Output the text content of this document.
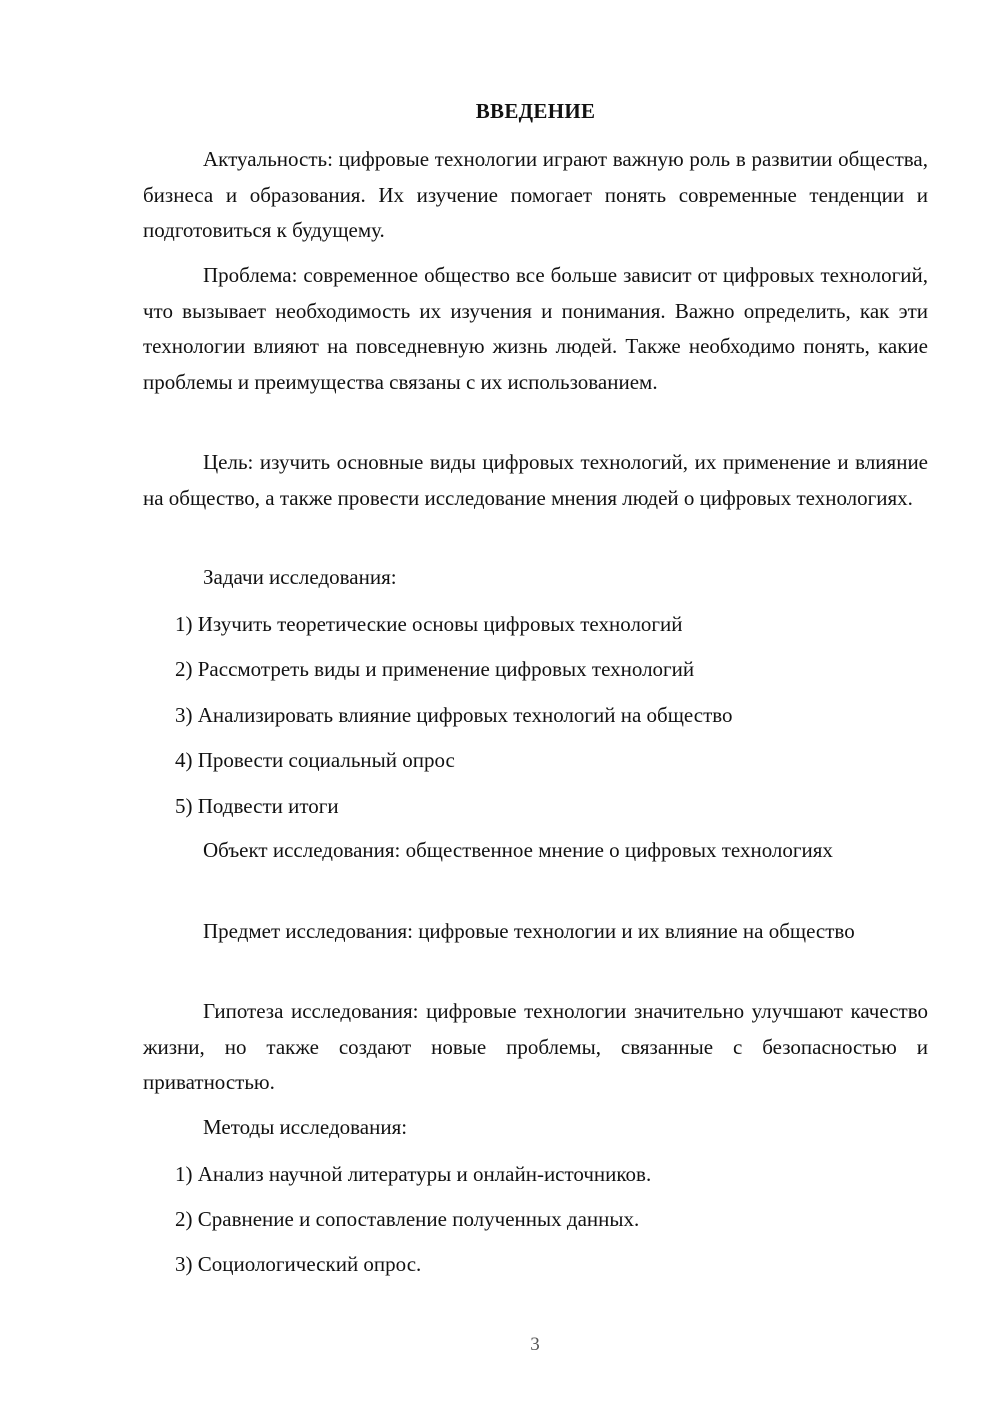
ВВЕДЕНИЕ

Актуальность: цифровые технологии играют важную роль в развитии общества, бизнеса и образования. Их изучение помогает понять современные тенденции и подготовиться к будущему.

Проблема: современное общество все больше зависит от цифровых технологий, что вызывает необходимость их изучения и понимания. Важно определить, как эти технологии влияют на повседневную жизнь людей. Также необходимо понять, какие проблемы и преимущества связаны с их использованием.

Цель: изучить основные виды цифровых технологий, их применение и влияние на общество, а также провести исследование мнения людей о цифровых технологиях.

Задачи исследования:

1) Изучить теоретические основы цифровых технологий

2) Рассмотреть виды и применение цифровых технологий

3) Анализировать влияние цифровых технологий на общество

4) Провести социальный опрос

5) Подвести итоги

Объект исследования: общественное мнение о цифровых технологиях

Предмет исследования: цифровые технологии и их влияние на общество

Гипотеза исследования: цифровые технологии значительно улучшают качество жизни, но также создают новые проблемы, связанные с безопасностью и приватностью.

Методы исследования:

1) Анализ научной литературы и онлайн-источников.

2) Сравнение и сопоставление полученных данных.

3) Социологический опрос.

3
